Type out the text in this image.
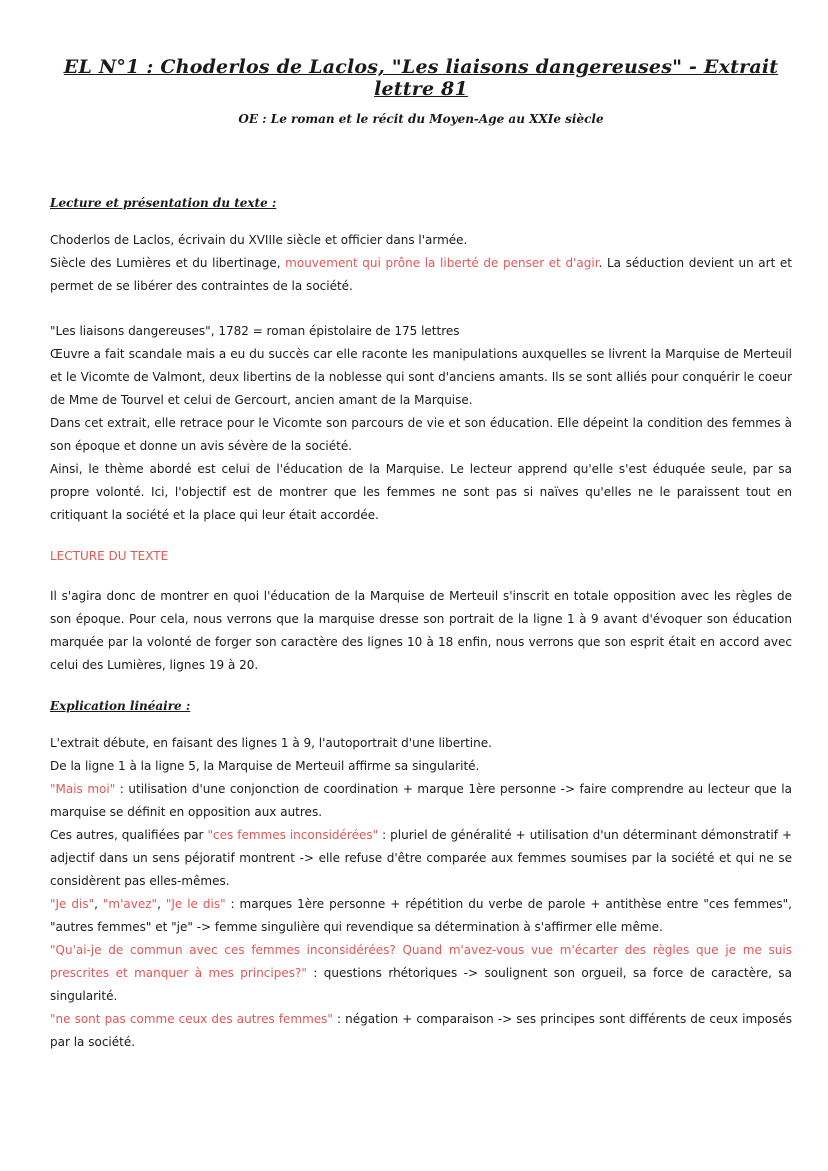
EL N°1 : Choderlos de Laclos, "Les liaisons dangereuses" - Extrait lettre 81

OE : Le roman et le récit du Moyen-Age au XXIe siècle

Lecture et présentation du texte :

Choderlos de Laclos, écrivain du XVIIIe siècle et officier dans l'armée.

Siècle des Lumières et du libertinage, mouvement qui prône la liberté de penser et d'agir. La séduction devient un art et permet de se libérer des contraintes de la société.

"Les liaisons dangereuses", 1782 = roman épistolaire de 175 lettres

Œuvre a fait scandale mais a eu du succès car elle raconte les manipulations auxquelles se livrent la Marquise de Merteuil et le Vicomte de Valmont, deux libertins de la noblesse qui sont d'anciens amants. Ils se sont alliés pour conquérir le coeur de Mme de Tourvel et celui de Gercourt, ancien amant de la Marquise.

Dans cet extrait, elle retrace pour le Vicomte son parcours de vie et son éducation. Elle dépeint la condition des femmes à son époque et donne un avis sévère de la société.

Ainsi, le thème abordé est celui de l'éducation de la Marquise. Le lecteur apprend qu'elle s'est éduquée seule, par sa propre volonté. Ici, l'objectif est de montrer que les femmes ne sont pas si naïves qu'elles ne le paraissent tout en critiquant la société et la place qui leur était accordée.

LECTURE DU TEXTE

Il s'agira donc de montrer en quoi l'éducation de la Marquise de Merteuil s'inscrit en totale opposition avec les règles de son époque. Pour cela, nous verrons que la marquise dresse son portrait de la ligne 1 à 9 avant d'évoquer son éducation marquée par la volonté de forger son caractère des lignes 10 à 18 enfin, nous verrons que son esprit était en accord avec celui des Lumières, lignes 19 à 20.

Explication linéaire :

L'extrait débute, en faisant des lignes 1 à 9, l'autoportrait d'une libertine.

De la ligne 1 à la ligne 5, la Marquise de Merteuil affirme sa singularité.

"Mais moi" : utilisation d'une conjonction de coordination + marque 1ère personne -> faire comprendre au lecteur que la marquise se définit en opposition aux autres.

Ces autres, qualifiées par "ces femmes inconsidérées" : pluriel de généralité + utilisation d'un déterminant démonstratif + adjectif dans un sens péjoratif montrent -> elle refuse d'être comparée aux femmes soumises par la société et qui ne se considèrent pas elles-mêmes.

"Je dis", "m'avez", "Je le dis" : marques 1ère personne + répétition du verbe de parole + antithèse entre "ces femmes", "autres femmes" et "je" -> femme singulière qui revendique sa détermination à s'affirmer elle même.

"Qu'ai-je de commun avec ces femmes inconsidérées? Quand m'avez-vous vue m'écarter des règles que je me suis prescrites et manquer à mes principes?" : questions rhétoriques -> soulignent son orgueil, sa force de caractère, sa singularité.

"ne sont pas comme ceux des autres femmes" : négation + comparaison -> ses principes sont différents de ceux imposés par la société.
